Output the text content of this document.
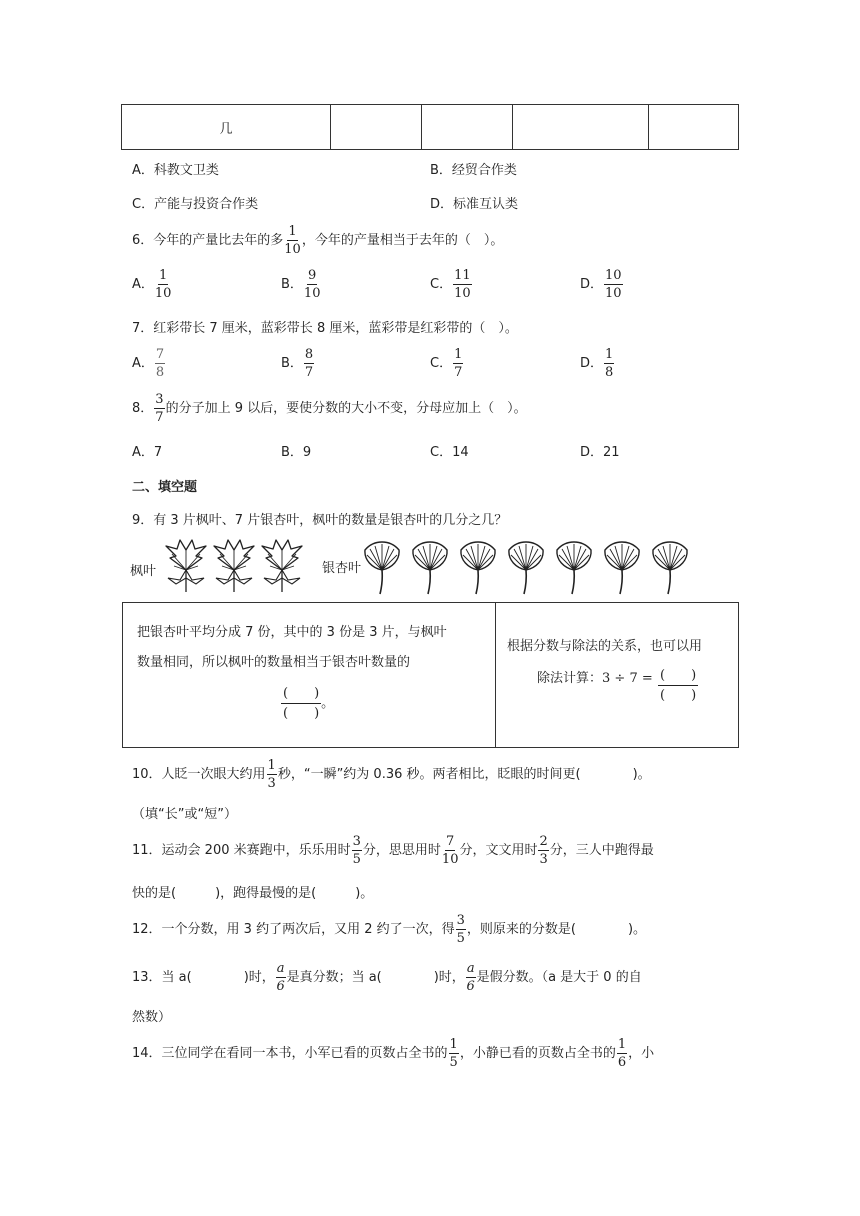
几				
A．科教文卫类	B．经贸合作类
C．产能与投资合作类	D．标准互认类
6．今年的产量比去年的多 $\frac{1}{10}$ ，今年的产量相当于去年的（　）。
A． $\frac{1}{10}$	B． $\frac{9}{10}$	C． $\frac{11}{10}$	D． $\frac{10}{10}$
7．红彩带长 7 厘米，蓝彩带长 8 厘米，蓝彩带是红彩带的（　）。
A． $\frac{7}{8}$	B． $\frac{8}{7}$	C． $\frac{1}{7}$	D． $\frac{1}{8}$
8． $\frac{3}{7}$ 的分子加上 9 以后，要使分数的大小不变，分母应加上（　）。
A．7	B．9	C．14	D．21
二、填空题
9．有 3 片枫叶、7 片银杏叶，枫叶的数量是银杏叶的几分之几？
枫叶	银杏叶
把银杏叶平均分成 7 份，其中的 3 份是 3 片，与枫叶
数量相同，所以枫叶的数量相当于银杏叶数量的
(　　)
(　　)
。
根据分数与除法的关系，也可以用
除法计算：3 ÷ 7 = (　　)
(　　)
10．人眨一次眼大约用 $\frac{1}{3}$ 秒，“一瞬”约为 0.36 秒。两者相比，眨眼的时间更(　　　　)。
（填“长”或“短”）
11．运动会 200 米赛跑中，乐乐用时 $\frac{3}{5}$ 分，思思用时 $\frac{7}{10}$ 分，文文用时 $\frac{2}{3}$ 分，三人中跑得最
快的是(　　　)，跑得最慢的是(　　　)。
12．一个分数，用 3 约了两次后，又用 2 约了一次，得 $\frac{3}{5}$ ，则原来的分数是(　　　　)。
13．当 a(　　　　)时， $\frac{a}{6}$ 是真分数；当 a(　　　　)时， $\frac{a}{6}$ 是假分数。（a 是大于 0 的自
然数）
14．三位同学在看同一本书，小军已看的页数占全书的 $\frac{1}{5}$ ，小静已看的页数占全书的 $\frac{1}{6}$ ，小
